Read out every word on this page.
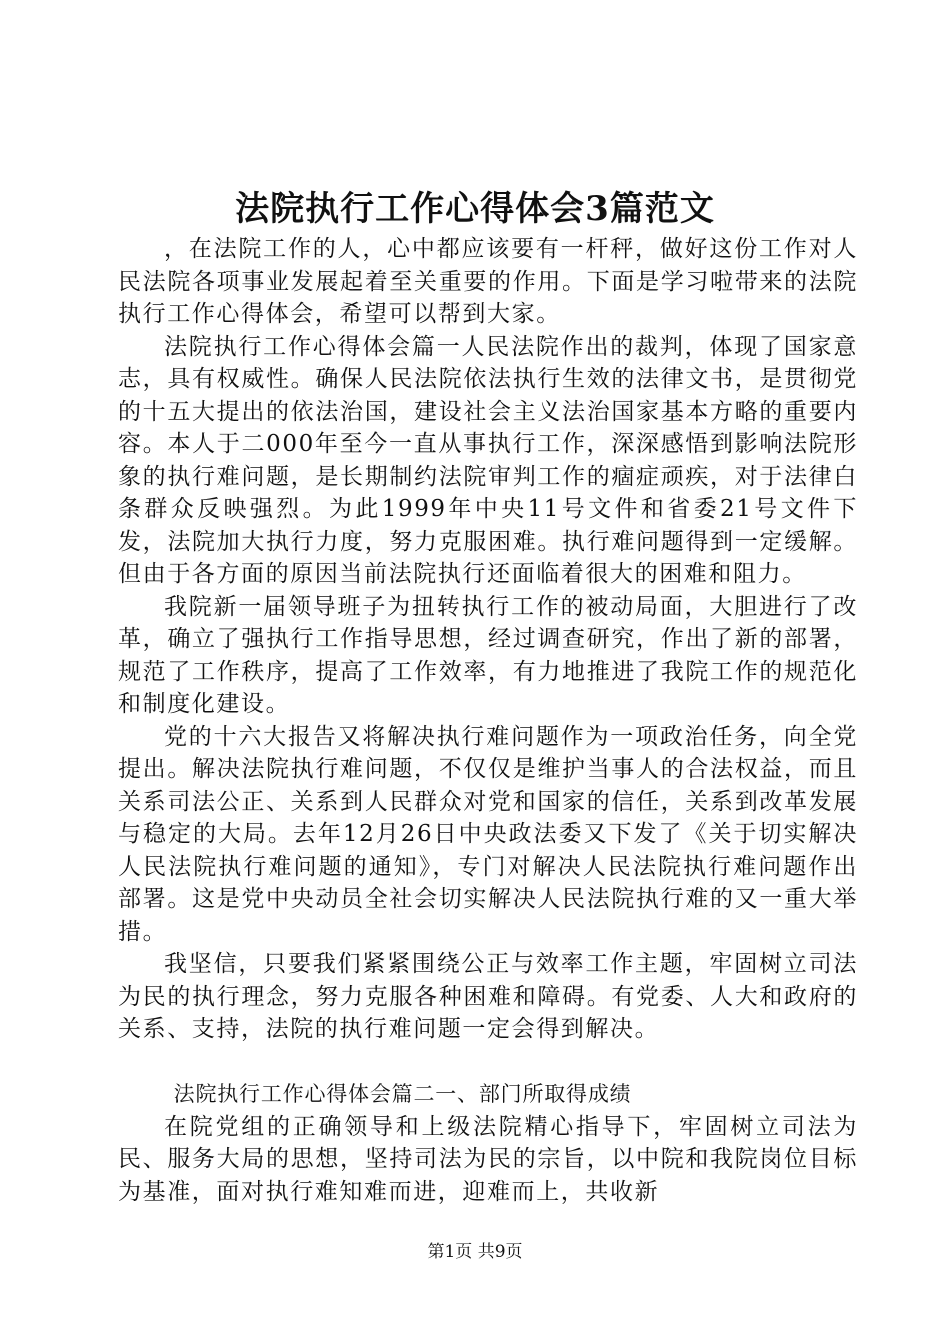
法院执行工作心得体会3篇范文

，在法院工作的人，心中都应该要有一杆秤，做好这份工作对人民法院各项事业发展起着至关重要的作用。下面是学习啦带来的法院执行工作心得体会，希望可以帮到大家。

法院执行工作心得体会篇一人民法院作出的裁判，体现了国家意志，具有权威性。确保人民法院依法执行生效的法律文书，是贯彻党的十五大提出的依法治国，建设社会主义法治国家基本方略的重要内容。本人于二000年至今一直从事执行工作，深深感悟到影响法院形象的执行难问题，是长期制约法院审判工作的痼症顽疾，对于法律白条群众反映强烈。为此1999年中央11号文件和省委21号文件下发，法院加大执行力度，努力克服困难。执行难问题得到一定缓解。但由于各方面的原因当前法院执行还面临着很大的困难和阻力。

我院新一届领导班子为扭转执行工作的被动局面，大胆进行了改革，确立了强执行工作指导思想，经过调查研究，作出了新的部署，规范了工作秩序，提高了工作效率，有力地推进了我院工作的规范化和制度化建设。

党的十六大报告又将解决执行难问题作为一项政治任务，向全党提出。解决法院执行难问题，不仅仅是维护当事人的合法权益，而且关系司法公正、关系到人民群众对党和国家的信任，关系到改革发展与稳定的大局。去年12月26日中央政法委又下发了《关于切实解决人民法院执行难问题的通知》，专门对解决人民法院执行难问题作出部署。这是党中央动员全社会切实解决人民法院执行难的又一重大举措。

我坚信，只要我们紧紧围绕公正与效率工作主题，牢固树立司法为民的执行理念，努力克服各种困难和障碍。有党委、人大和政府的关系、支持，法院的执行难问题一定会得到解决。

法院执行工作心得体会篇二一、部门所取得成绩

在院党组的正确领导和上级法院精心指导下，牢固树立司法为民、服务大局的思想，坚持司法为民的宗旨，以中院和我院岗位目标为基准，面对执行难知难而进，迎难而上，共收新

第1页 共9页
